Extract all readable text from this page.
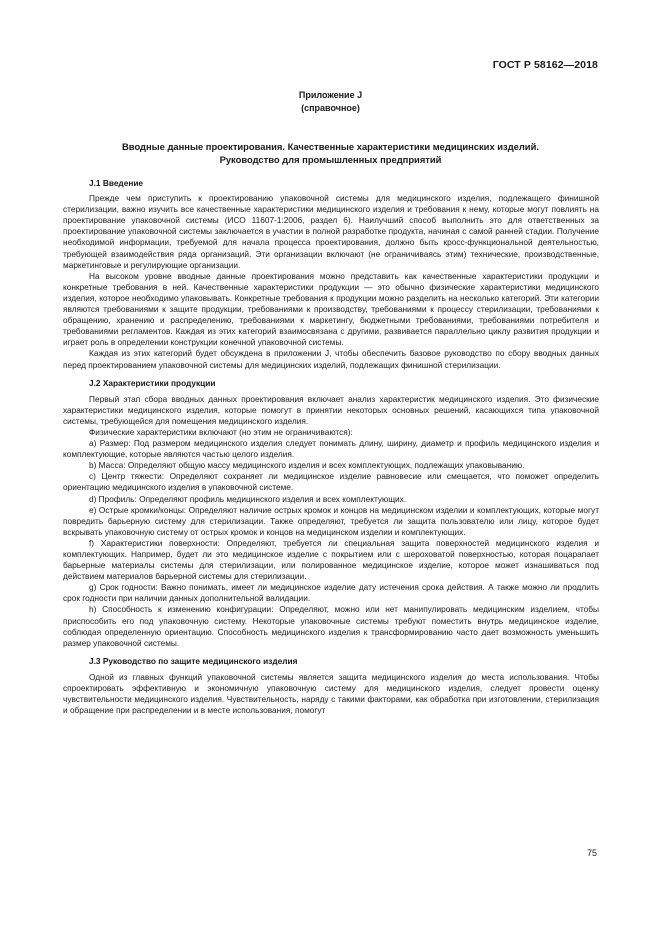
ГОСТ Р 58162—2018
Приложение J
(справочное)
Вводные данные проектирования. Качественные характеристики медицинских изделий.
Руководство для промышленных предприятий
J.1 Введение

Прежде чем приступить к проектированию упаковочной системы для медицинского изделия, подлежащего финишной стерилизации, важно изучить все качественные характеристики медицинского изделия и требования к нему, которые могут повлиять на проектирование упаковочной системы (ИСО 11607-1:2006, раздел 6). Наилучший способ выполнить это для ответственных за проектирование упаковочной системы заключается в участии в полной разработке продукта, начиная с самой ранней стадии. Получение необходимой информации, требуемой для начала процесса проектирования, должно быть кросс-функциональной деятельностью, требующей взаимодействия ряда организаций. Эти организации включают (не ограничиваясь этим) технические, производственные, маркетинговые и регулирующие организации.

На высоком уровне вводные данные проектирования можно представить как качественные характеристики продукции и конкретные требования в ней. Качественные характеристики продукции — это обычно физические характеристики медицинского изделия, которое необходимо упаковывать. Конкретные требования к продукции можно разделить на несколько категорий. Эти категории являются требованиями к защите продукции, требованиями к производству, требованиями к процессу стерилизации, требованиями к обращению, хранению и распределению, требованиями к маркетингу, бюджетными требованиями, требованиями потребителя и требованиями регламентов. Каждая из этих категорий взаимосвязана с другими, развивается параллельно циклу развития продукции и играет роль в определении конструкции конечной упаковочной системы.

Каждая из этих категорий будет обсуждена в приложении J, чтобы обеспечить базовое руководство по сбору вводных данных перед проектированием упаковочной системы для медицинских изделий, подлежащих финишной стерилизации.

J.2 Характеристики продукции

Первый этап сбора вводных данных проектирования включает анализ характеристик медицинского изделия. Это физические характеристики медицинского изделия, которые помогут в принятии некоторых основных решений, касающихся типа упаковочной системы, требующейся для помещения медицинского изделия.

Физические характеристики включают (но этим не ограничиваются):

a) Размер: Под размером медицинского изделия следует понимать длину, ширину, диаметр и профиль медицинского изделия и комплектующие, которые являются частью целого изделия.

b) Масса: Определяют общую массу медицинского изделия и всех комплектующих, подлежащих упаковыванию.

c) Центр тяжести: Определяют сохраняет ли медицинское изделие равновесие или смещается, что поможет определить ориентацию медицинского изделия в упаковочной системе.

d) Профиль: Определяют профиль медицинского изделия и всех комплектующих.

e) Острые кромки/концы: Определяют наличие острых кромок и концов на медицинском изделии и комплектующих, которые могут повредить барьерную систему для стерилизации. Также определяют, требуется ли защита пользователю или лицу, которое будет вскрывать упаковочную систему от острых кромок и концов на медицинском изделии и комплектующих.

f) Характеристики поверхности: Определяют, требуется ли специальная защита поверхностей медицинского изделия и комплектующих. Например, будет ли это медицинское изделие с покрытием или с шероховатой поверхностью, которая поцарапает барьерные материалы системы для стерилизации, или полированное медицинское изделие, которое может изнашиваться под действием материалов барьерной системы для стерилизации.

g) Срок годности: Важно понимать, имеет ли медицинское изделие дату истечения срока действия. А также можно ли продлить срок годности при наличии данных дополнительной валидации.

h) Способность к изменению конфигурации: Определяют, можно или нет манипулировать медицинским изделием, чтобы приспособить его под упаковочную систему. Некоторые упаковочные системы требуют поместить внутрь медицинское изделие, соблюдая определенную ориентацию. Способность медицинского изделия к трансформированию часто дает возможность уменьшить размер упаковочной системы.

J.3 Руководство по защите медицинского изделия

Одной из главных функций упаковочной системы является защита медицинского изделия до места использования. Чтобы спроектировать эффективную и экономичную упаковочную систему для медицинского изделия, следует провести оценку чувствительности медицинского изделия. Чувствительность, наряду с такими факторами, как обработка при изготовлении, стерилизация и обращение при распределении и в месте использования, помогут

75
